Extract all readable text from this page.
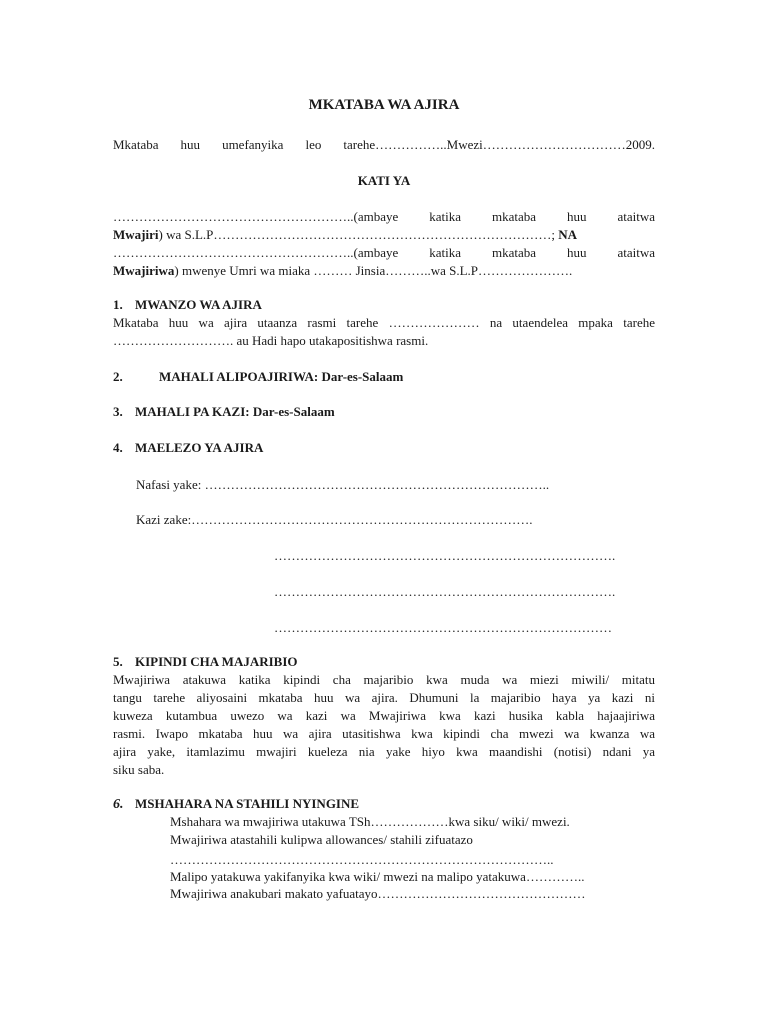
MKATABA WA AJIRA
Mkataba huu umefanyika leo tarehe……………..Mwezi……………………………2009.
KATI YA
………………………………………………..(ambaye katika mkataba huu ataitwa
Mwajiri) wa S.L.P……………………………………………………………………; NA
………………………………………………..(ambaye katika mkataba huu ataitwa
Mwajiriwa) mwenye Umri wa miaka ……… Jinsia………..wa S.L.P………………….
1. MWANZO WA AJIRA
Mkataba huu wa ajira utaanza rasmi tarehe ………………… na utaendelea mpaka tarehe
………………………. au Hadi hapo utakapositishwa rasmi.
2.	MAHALI ALIPOAJIRIWA: Dar-es-Salaam
3. MAHALI PA KAZI: Dar-es-Salaam
4. MAELEZO YA AJIRA
Nafasi yake: ……………………………………………………………………..
Kazi zake:…………………………………………………………………….
…………………………………………………………………….
…………………………………………………………………….
……………………………………………………………………
5. KIPINDI CHA MAJARIBIO
Mwajiriwa atakuwa katika kipindi cha majaribio kwa muda wa miezi miwili/ mitatu
tangu tarehe aliyosaini mkataba huu wa ajira. Dhumuni la majaribio haya ya kazi ni
kuweza kutambua uwezo wa kazi wa Mwajiriwa kwa kazi husika kabla hajaajiriwa
rasmi. Iwapo mkataba huu wa ajira utasitishwa kwa kipindi cha mwezi wa kwanza wa
ajira yake, itamlazimu mwajiri kueleza nia yake hiyo kwa maandishi (notisi) ndani ya
siku saba.
6. MSHAHARA NA STAHILI NYINGINE
Mshahara wa mwajiriwa utakuwa TSh………………kwa siku/ wiki/ mwezi.
Mwajiriwa atastahili kulipwa allowances/ stahili zifuatazo
……………………………………………………………………………..
Malipo yatakuwa yakifanyika kwa wiki/ mwezi na malipo yatakuwa…………..
Mwajiriwa anakubari makato yafuatayo…………………………………………
